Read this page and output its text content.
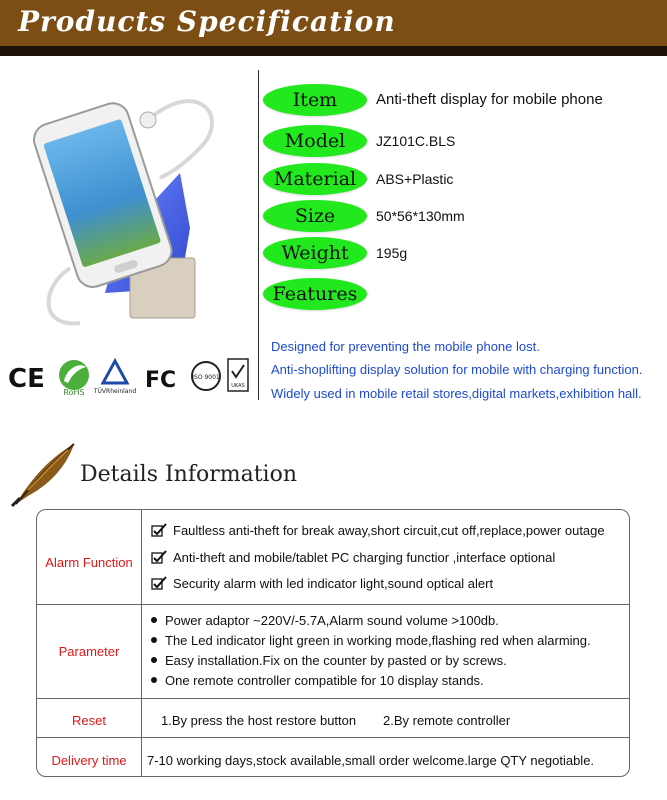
Products Specification
Item	Anti-theft display for mobile phone
Model	JZ101C.BLS
Material	ABS+Plastic
Size	50*56*130mm
Weight	195g
Features
Designed for preventing the mobile phone lost.
Anti-shoplifting display solution for mobile with charging function.
Widely used in mobile retail stores,digital markets,exhibition hall.
CE RoHS TÜVRheinland FC	ISO 9001
UKAS
Details Information
Alarm Function
Faultless anti-theft for break away,short circuit,cut off,replace,power outage
Anti-theft and mobile/tablet PC charging functior ,interface optional
Security alarm with led indicator light,sound optical alert
Parameter
Power adaptor ~220V/-5.7A,Alarm sound volume >100db.
The Led indicator light green in working mode,flashing red when alarming.
Easy installation.Fix on the counter by pasted or by screws.
One remote controller compatible for 10 display stands.
Reset	1.By press the host restore button 2.By remote controller
Delivery time	7-10 working days,stock available,small order welcome.large QTY negotiable.
